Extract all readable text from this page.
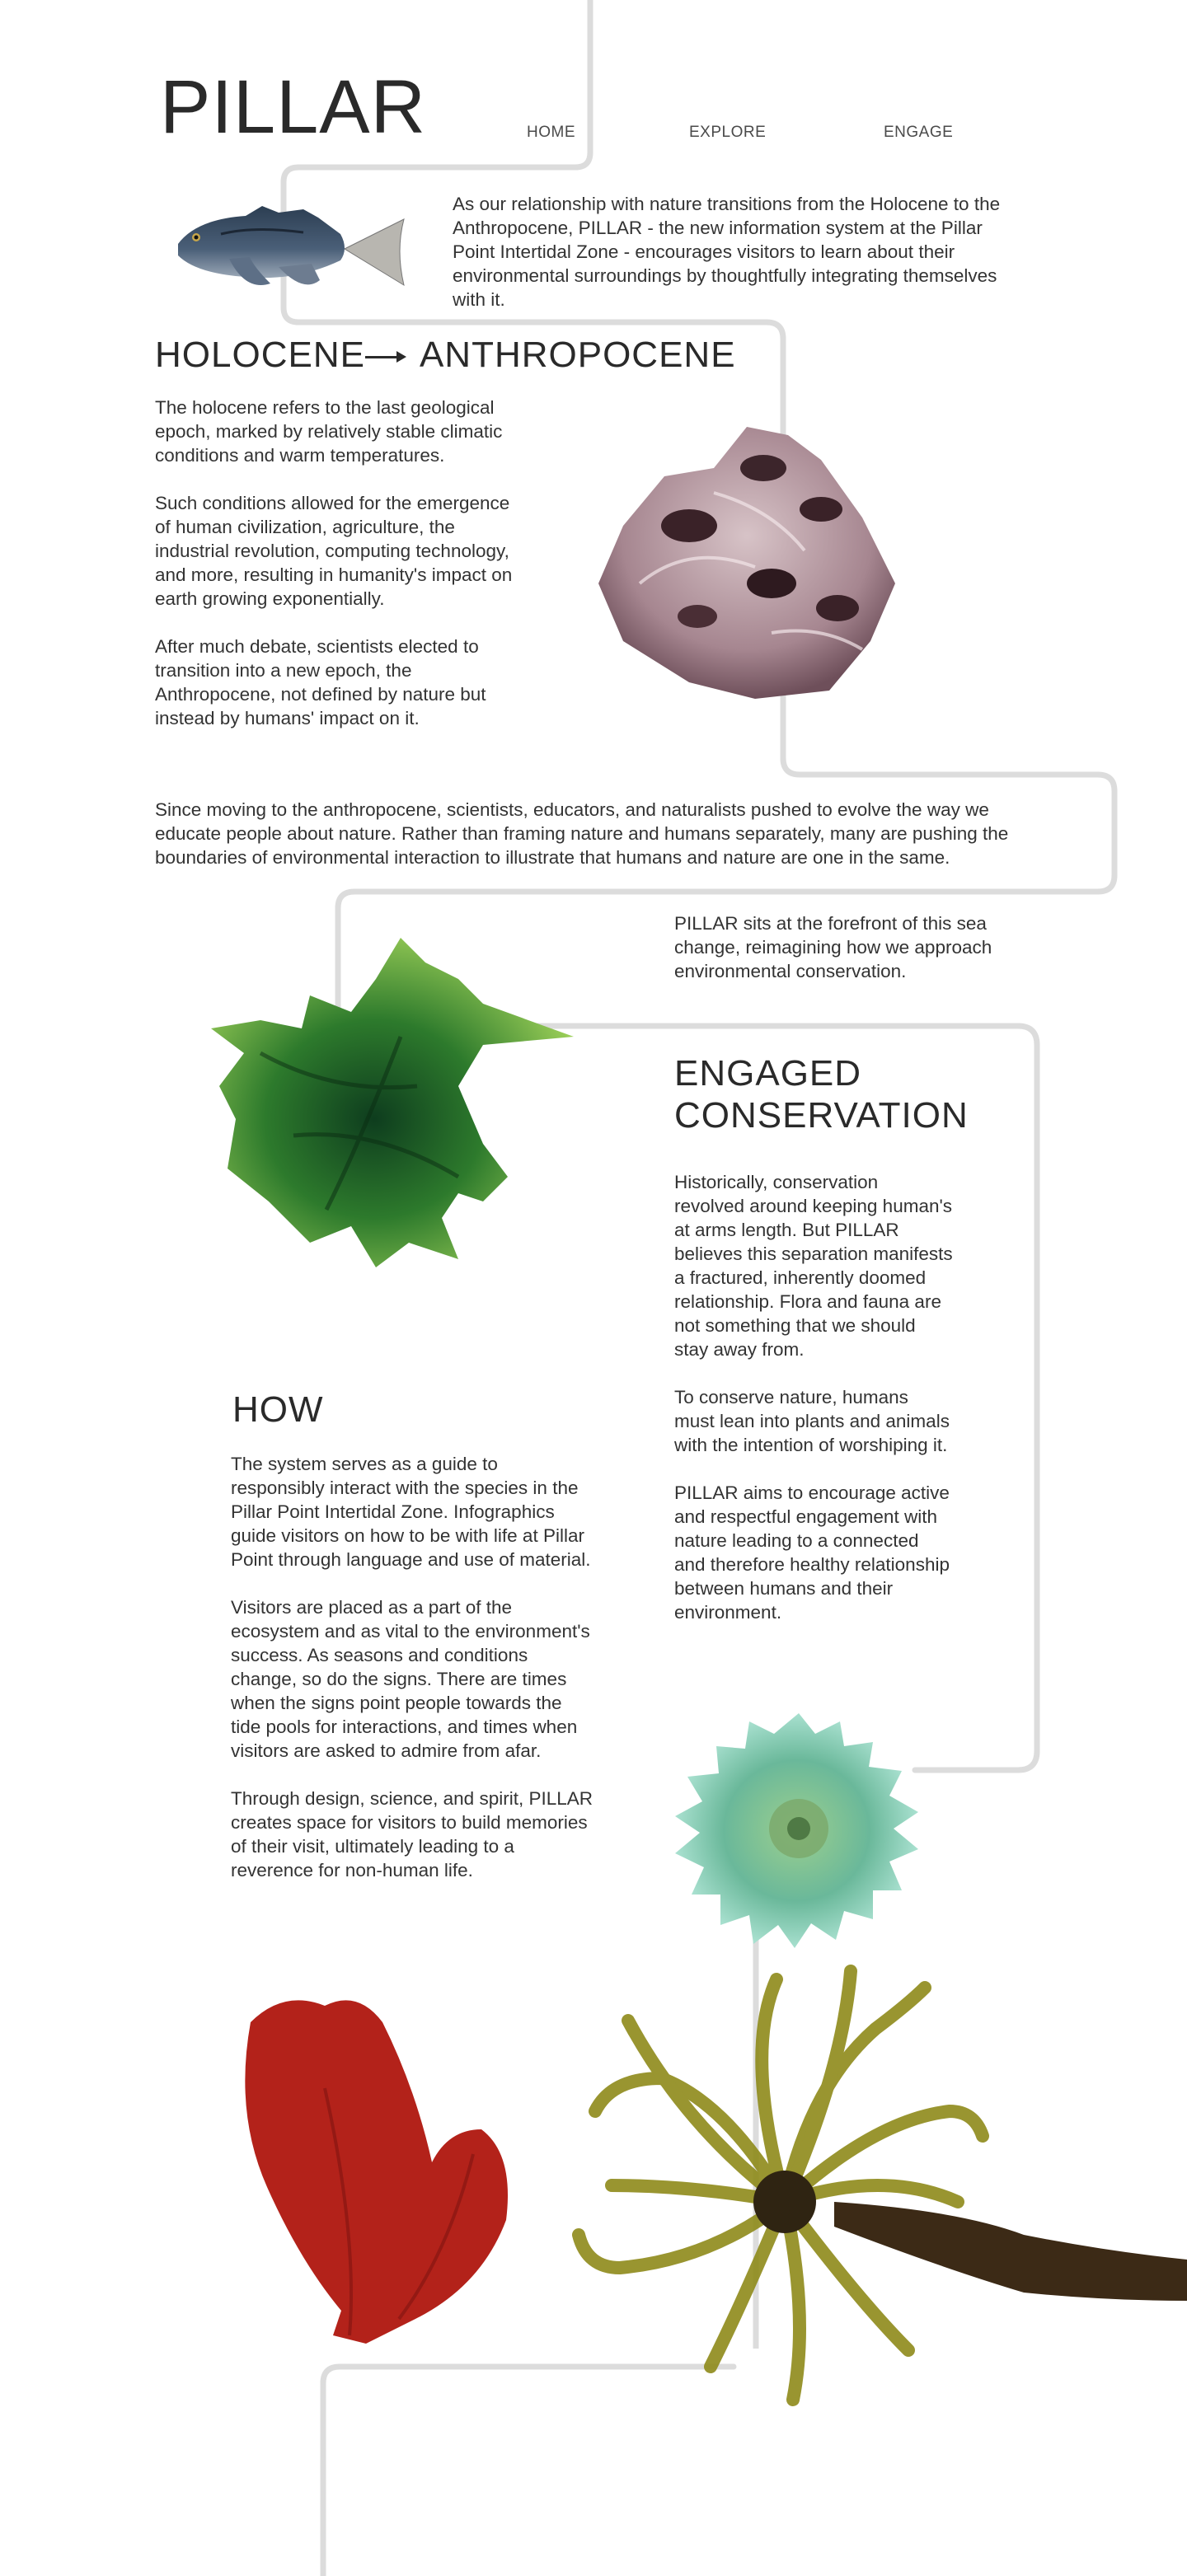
PILLAR	HOME	EXPLORE	ENGAGE
As our relationship with nature transitions from the Holocene to the Anthropocene, PILLAR - the new information system at the Pillar Point Intertidal Zone - encourages visitors to learn about their environmental surroundings by thoughtfully integrating themselves with it.
HOLOCENE ANTHROPOCENE

The holocene refers to the last geological epoch, marked by relatively stable climatic conditions and warm temperatures.

Such conditions allowed for the emergence of human civilization, agriculture, the industrial revolution, computing technology, and more, resulting in humanity's impact on earth growing exponentially.

After much debate, scientists elected to transition into a new epoch, the Anthropocene, not defined by nature but instead by humans' impact on it.

Since moving to the anthropocene, scientists, educators, and naturalists pushed to evolve the way we educate people about nature. Rather than framing nature and humans separately, many are pushing the boundaries of environmental interaction to illustrate that humans and nature are one in the same.
PILLAR sits at the forefront of this sea change, reimagining how we approach environmental conservation.
ENGAGED
CONSERVATION

Historically, conservation revolved around keeping human's at arms length. But PILLAR believes this separation manifests a fractured, inherently doomed relationship. Flora and fauna are not something that we should stay away from.

To conserve nature, humans must lean into plants and animals with the intention of worshiping it.

PILLAR aims to encourage active and respectful engagement with nature leading to a connected and therefore healthy relationship between humans and their environment.

HOW

The system serves as a guide to responsibly interact with the species in the Pillar Point Intertidal Zone. Infographics guide visitors on how to be with life at Pillar Point through language and use of material.

Visitors are placed as a part of the ecosystem and as vital to the environment's success. As seasons and conditions change, so do the signs. There are times when the signs point people towards the tide pools for interactions, and times when visitors are asked to admire from afar.

Through design, science, and spirit, PILLAR creates space for visitors to build memories of their visit, ultimately leading to a reverence for non-human life.
